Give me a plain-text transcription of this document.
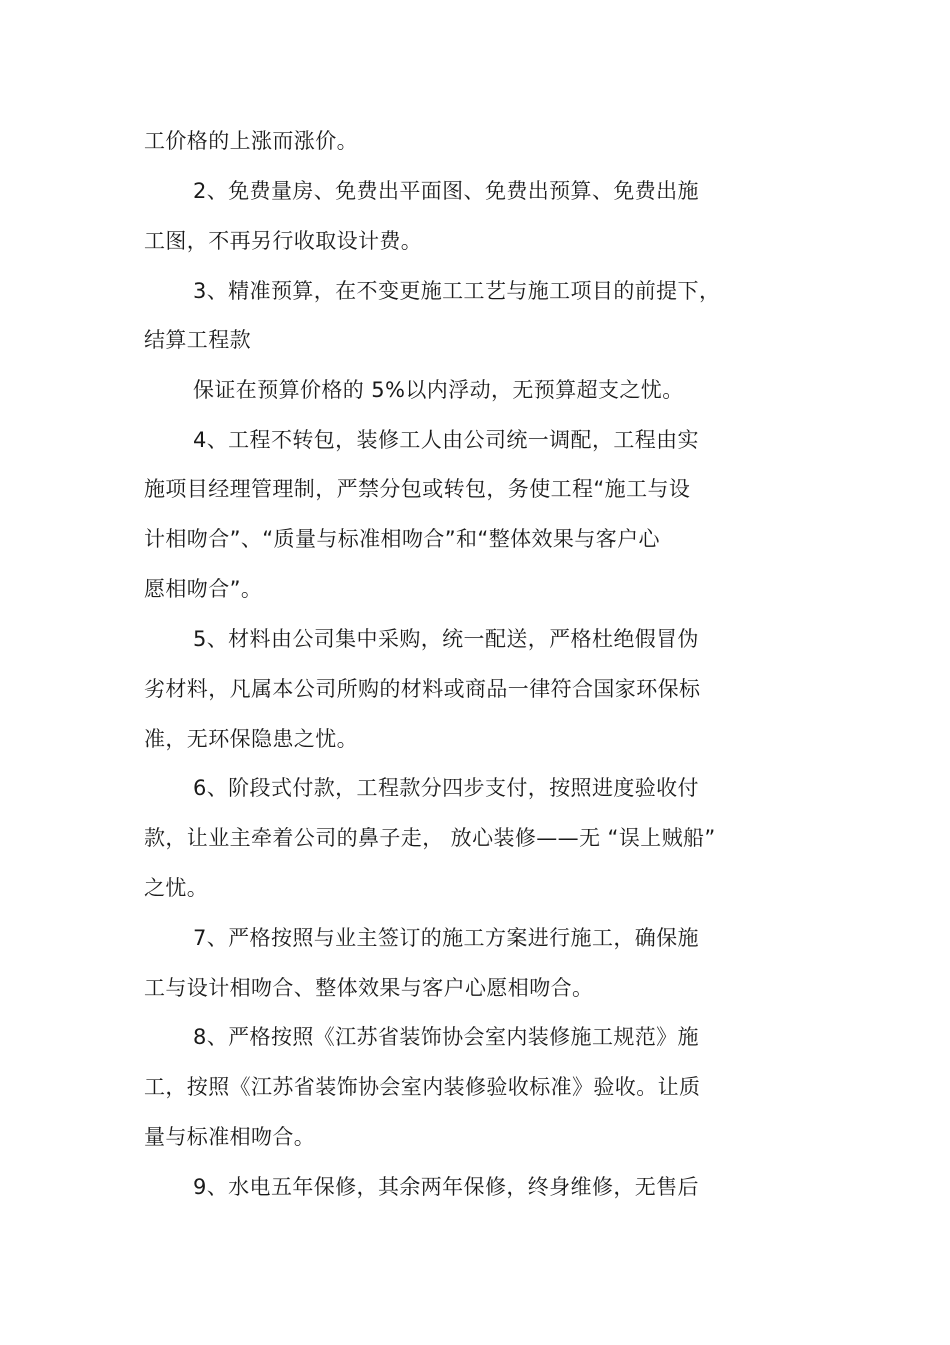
工价格的上涨而涨价。
2、免费量房、免费出平面图、免费出预算、免费出施
工图，不再另行收取设计费。
3、精准预算，在不变更施工工艺与施工项目的前提下，
结算工程款
保证在预算价格的 5%以内浮动，无预算超支之忧。
4、工程不转包，装修工人由公司统一调配，工程由实
施项目经理管理制，严禁分包或转包，务使工程“施工与设
计相吻合”、“质量与标准相吻合”和“整体效果与客户心
愿相吻合”。
5、材料由公司集中采购，统一配送，严格杜绝假冒伪
劣材料，凡属本公司所购的材料或商品一律符合国家环保标
准，无环保隐患之忧。
6、阶段式付款，工程款分四步支付，按照进度验收付
款，让业主牵着公司的鼻子走， 放心装修——无 “误上贼船”
之忧。
7、严格按照与业主签订的施工方案进行施工，确保施
工与设计相吻合、整体效果与客户心愿相吻合。
8、严格按照《江苏省装饰协会室内装修施工规范》施
工，按照《江苏省装饰协会室内装修验收标准》验收。让质
量与标准相吻合。
9、水电五年保修，其余两年保修，终身维修，无售后
